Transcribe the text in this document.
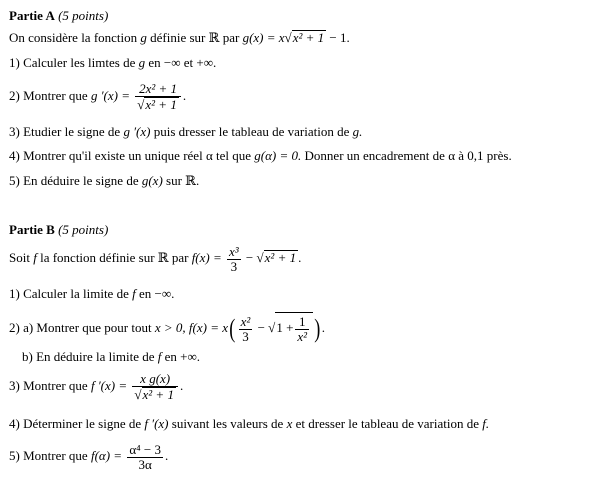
Partie A (5 points)
On considère la fonction g définie sur ℝ par g(x) = x√x² + 1 − 1.
1) Calculer les limtes de g en −∞ et +∞.
2) Montrer que g $'(x) = \frac{\text{2x² + 1}}{\text{√x² + 1}}$ .
3) Etudier le signe de g ′(x) puis dresser le tableau de variation de g.
4) Montrer qu'il existe un unique réel α tel que g(α) = 0. Donner un encadrement de α à 0,1 près.
5) En déduire le signe de g(x) sur ℝ.
Partie B (5 points)
Soit f la fonction définie sur ℝ par $f(x) = \frac{\text{x³}}{3} - √x^2 + 1$ .
1) Calculer la limite de f en −∞.
2) a) Montrer que pour tout x > 0, $f(x) = x( \frac{\text{x²}}{3} - √1 + \frac{1}{\text{x²}}$ ).
b) En déduire la limite de f en +∞.
3) Montrer que f $'(x) = \frac{\text{x g(x)}}{\text{√x² + 1}}$ .
4) Déterminer le signe de f ′(x) suivant les valeurs de x et dresser le tableau de variation de f.
5) Montrer que $f(\alpha) = \frac{\text{α⁴ − 3}}{3\alpha}$ .
